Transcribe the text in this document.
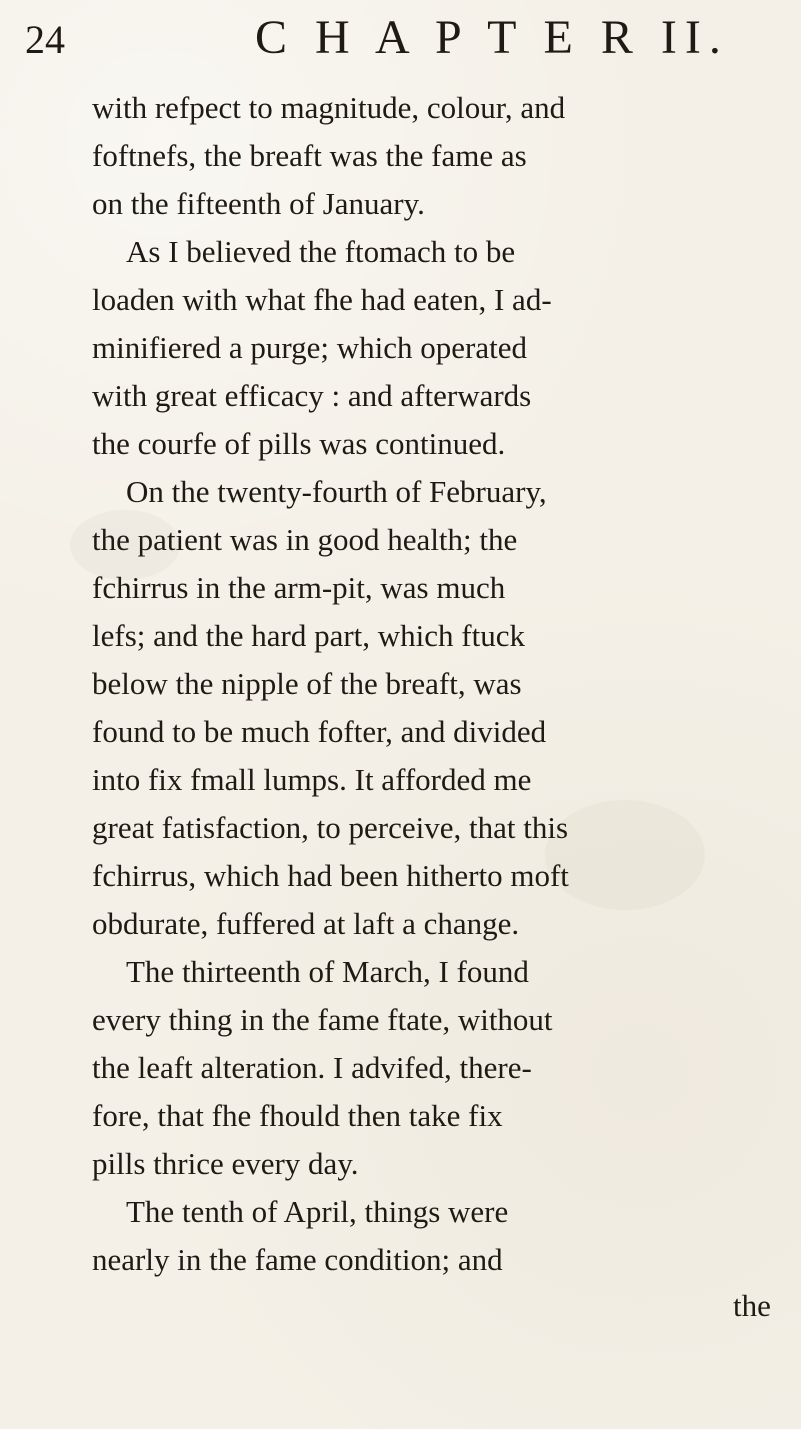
24	C H A P T E R II.
with refpect to magnitude, colour, and
foftnefs, the breaft was the fame as
on the fifteenth of January.
As I believed the ftomach to be
loaden with what fhe had eaten, I ad-
minifiered a purge; which operated
with great efficacy : and afterwards
the courfe of pills was continued.
On the twenty-fourth of February,
the patient was in good health; the
fchirrus in the arm-pit, was much
lefs; and the hard part, which ftuck
below the nipple of the breaft, was
found to be much fofter, and divided
into fix fmall lumps. It afforded me
great fatisfaction, to perceive, that this
fchirrus, which had been hitherto moft
obdurate, fuffered at laft a change.
The thirteenth of March, I found
every thing in the fame ftate, without
the leaft alteration. I advifed, there-
fore, that fhe fhould then take fix
pills thrice every day.
The tenth of April, things were
nearly in the fame condition; and
the
